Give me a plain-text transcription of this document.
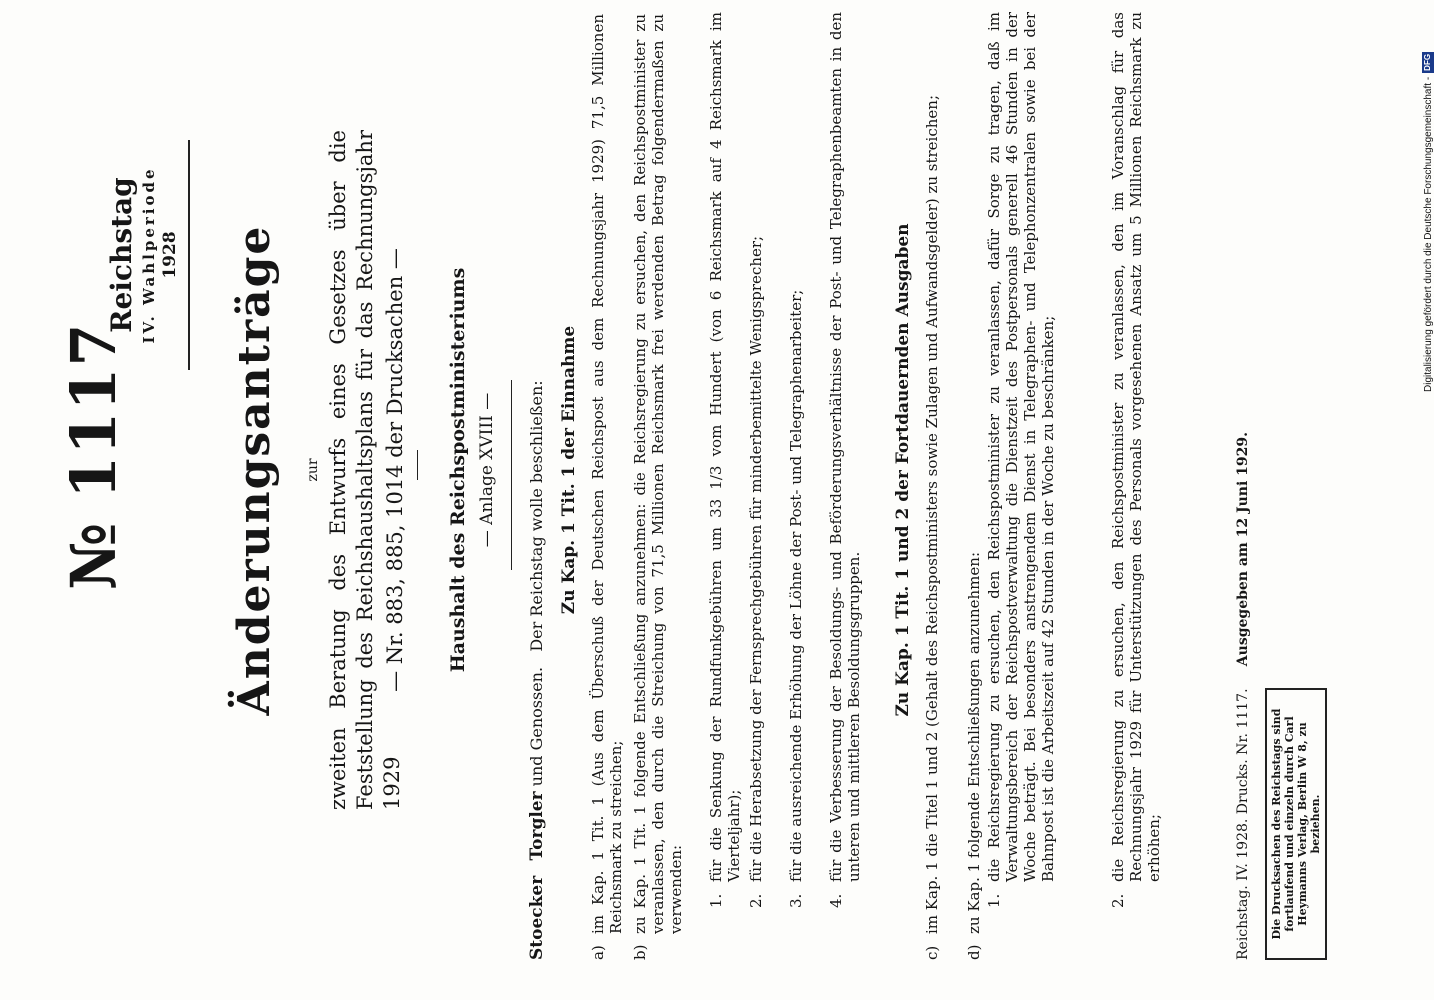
№ 1117
Reichstag IV. Wahlperiode 1928 Änderungsanträge zur zweiten Beratung des Entwurfs eines Gesetzes über die Feststellung des Reichshaushaltsplans für das Rechnungsjahr 1929
— Nr. 883, 885, 1014 der Drucksachen — Haushalt des Reichspostministeriums — Anlage XVIII —
Stoecker   Torgler und Genossen.   Der Reichstag wolle beschließen: Zu Kap. 1 Tit. 1 der Einnahme
a)im Kap. 1 Tit. 1 (Aus dem Überschuß der Deutschen Reichspost aus dem Rechnungsjahr 1929) 71,5 Millionen Reichsmark zu streichen;
b)zu Kap. 1 Tit. 1 folgende Entschließung anzunehmen: die Reichsregierung zu ersuchen, den Reichspostminister zu veranlassen, den durch die Streichung von 71,5 Millionen Reichsmark frei werdenden Betrag folgendermaßen zu verwenden: 1.für die Senkung der Rundfunkgebühren um 33 1/3 vom Hundert (von 6 Reichsmark auf 4 Reichsmark im Vierteljahr);
2.für die Herabsetzung der Fernsprechgebühren für minderbemittelte Wenigsprecher;
3.für die ausreichende Erhöhung der Löhne der Post- und Telegraphenarbeiter;
4.für die Verbesserung der Besoldungs- und Beförderungsverhältnisse der Post- und Telegraphenbeamten in den unteren und mittleren Besoldungsgruppen.
Zu Kap. 1 Tit. 1 und 2 der Fortdauernden Ausgaben
c)im Kap. 1 die Titel 1 und 2 (Gehalt des Reichspostministers sowie Zulagen und Aufwandsgelder) zu streichen;
d)zu Kap. 1 folgende Entschließungen anzunehmen: 1.die Reichsregierung zu ersuchen, den Reichspostminister zu veranlassen, dafür Sorge zu tragen, daß im Verwaltungsbereich der Reichspostverwaltung die Dienstzeit des Postpersonals generell 46 Stunden in der Woche beträgt. Bei besonders anstrengendem Dienst in Telegraphen- und Telephonzentralen sowie bei der Bahnpost ist die Arbeitszeit auf 42 Stunden in der Woche zu beschränken;
2.die Reichsregierung zu ersuchen, den Reichspostminister zu veranlassen, den im Voranschlag für das Rechnungsjahr 1929 für Unterstützungen des Personals vorgesehenen Ansatz um 5 Millionen Reichsmark zu erhöhen;	Reichstag. IV. 1928. Drucks. Nr. 1117.     Ausgegeben am 12 Juni 1929.
Die Drucksachen des Reichstags sind fortlaufend und einzeln durch Carl Heymanns Verlag, Berlin W 8, zu beziehen.
Digitalisierung gefördert durch die Deutsche Forschungsgemeinschaft -
DFG
